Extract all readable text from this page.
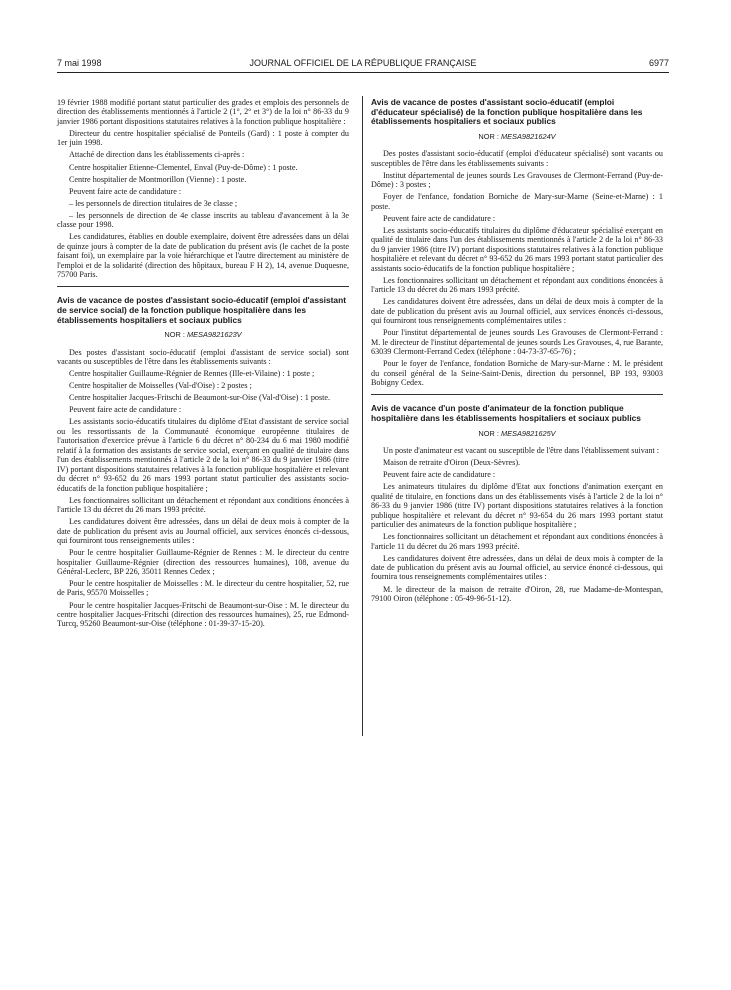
7 mai 1998	JOURNAL OFFICIEL DE LA RÉPUBLIQUE FRANÇAISE	6977

19 février 1988 modifié portant statut particulier des grades et emplois des personnels de direction des établissements mentionnés à l'article 2 (1°, 2° et 3°) de la loi n° 86-33 du 9 janvier 1986 portant dispositions statutaires relatives à la fonction publique hospitalière :

Directeur du centre hospitalier spécialisé de Ponteils (Gard) : 1 poste à compter du 1er juin 1998.

Attaché de direction dans les établissements ci-après :

Centre hospitalier Etienne-Clementel, Enval (Puy-de-Dôme) : 1 poste.

Centre hospitalier de Montmorillon (Vienne) : 1 poste.

Peuvent faire acte de candidature :

– les personnels de direction titulaires de 3e classe ;

– les personnels de direction de 4e classe inscrits au tableau d'avancement à la 3e classe pour 1998.

Les candidatures, établies en double exemplaire, doivent être adressées dans un délai de quinze jours à compter de la date de publication du présent avis (le cachet de la poste faisant foi), un exemplaire par la voie hiérarchique et l'autre directement au ministère de l'emploi et de la solidarité (direction des hôpitaux, bureau F H 2), 14, avenue Duquesne, 75700 Paris.

Avis de vacance de postes d'assistant socio-éducatif (emploi d'assistant de service social) de la fonction publique hospitalière dans les établissements hospitaliers et sociaux publics
NOR : MESA9821623V

Des postes d'assistant socio-éducatif (emploi d'assistant de service social) sont vacants ou susceptibles de l'être dans les établissements suivants :

Centre hospitalier Guillaume-Régnier de Rennes (Ille-et-Vilaine) : 1 poste ;

Centre hospitalier de Moisselles (Val-d'Oise) : 2 postes ;

Centre hospitalier Jacques-Fritschi de Beaumont-sur-Oise (Val-d'Oise) : 1 poste.

Peuvent faire acte de candidature :

Les assistants socio-éducatifs titulaires du diplôme d'Etat d'assistant de service social ou les ressortissants de la Communauté économique européenne titulaires de l'autorisation d'exercice prévue à l'article 6 du décret n° 80-234 du 6 mai 1980 modifié relatif à la formation des assistants de service social, exerçant en qualité de titulaire dans l'un des établissements mentionnés à l'article 2 de la loi n° 86-33 du 9 janvier 1986 (titre IV) portant dispositions statutaires relatives à la fonction publique hospitalière et relevant du décret n° 93-652 du 26 mars 1993 portant statut particulier des assistants socio-éducatifs de la fonction publique hospitalière ;

Les fonctionnaires sollicitant un détachement et répondant aux conditions énoncées à l'article 13 du décret du 26 mars 1993 précité.

Les candidatures doivent être adressées, dans un délai de deux mois à compter de la date de publication du présent avis au Journal officiel, aux services énoncés ci-dessous, qui fourniront tous renseignements utiles :

Pour le centre hospitalier Guillaume-Régnier de Rennes : M. le directeur du centre hospitalier Guillaume-Régnier (direction des ressources humaines), 108, avenue du Général-Leclerc, BP 226, 35011 Rennes Cedex ;

Pour le centre hospitalier de Moisselles : M. le directeur du centre hospitalier, 52, rue de Paris, 95570 Moisselles ;

Pour le centre hospitalier Jacques-Fritschi de Beaumont-sur-Oise : M. le directeur du centre hospitalier Jacques-Fritschi (direction des ressources humaines), 25, rue Edmond-Turcq, 95260 Beaumont-sur-Oise (téléphone : 01-39-37-15-20).

Avis de vacance de postes d'assistant socio-éducatif (emploi d'éducateur spécialisé) de la fonction publique hospitalière dans les établissements hospitaliers et sociaux publics
NOR : MESA9821624V

Des postes d'assistant socio-éducatif (emploi d'éducateur spécialisé) sont vacants ou susceptibles de l'être dans les établissements suivants :

Institut départemental de jeunes sourds Les Gravouses de Clermont-Ferrand (Puy-de-Dôme) : 3 postes ;

Foyer de l'enfance, fondation Borniche de Mary-sur-Marne (Seine-et-Marne) : 1 poste.

Peuvent faire acte de candidature :

Les assistants socio-éducatifs titulaires du diplôme d'éducateur spécialisé exerçant en qualité de titulaire dans l'un des établissements mentionnés à l'article 2 de la loi n° 86-33 du 9 janvier 1986 (titre IV) portant dispositions statutaires relatives à la fonction publique hospitalière et relevant du décret n° 93-652 du 26 mars 1993 portant statut particulier des assistants socio-éducatifs de la fonction publique hospitalière ;

Les fonctionnaires sollicitant un détachement et répondant aux conditions énoncées à l'article 13 du décret du 26 mars 1993 précité.

Les candidatures doivent être adressées, dans un délai de deux mois à compter de la date de publication du présent avis au Journal officiel, aux services énoncés ci-dessous, qui fourniront tous renseignements complémentaires utiles :

Pour l'institut départemental de jeunes sourds Les Gravouses de Clermont-Ferrand : M. le directeur de l'institut départemental de jeunes sourds Les Gravouses, 4, rue Barante, 63039 Clermont-Ferrand Cedex (téléphone : 04-73-37-65-76) ;

Pour le foyer de l'enfance, fondation Borniche de Mary-sur-Marne : M. le président du conseil général de la Seine-Saint-Denis, direction du personnel, BP 193, 93003 Bobigny Cedex.

Avis de vacance d'un poste d'animateur de la fonction publique hospitalière dans les établissements hospitaliers et sociaux publics
NOR : MESA9821625V

Un poste d'animateur est vacant ou susceptible de l'être dans l'établissement suivant :

Maison de retraite d'Oiron (Deux-Sèvres).

Peuvent faire acte de candidature :

Les animateurs titulaires du diplôme d'Etat aux fonctions d'animation exerçant en qualité de titulaire, en fonctions dans un des établissements visés à l'article 2 de la loi n° 86-33 du 9 janvier 1986 (titre IV) portant dispositions statutaires relatives à la fonction publique hospitalière et relevant du décret n° 93-654 du 26 mars 1993 portant statut particulier des animateurs de la fonction publique hospitalière ;

Les fonctionnaires sollicitant un détachement et répondant aux conditions énoncées à l'article 11 du décret du 26 mars 1993 précité.

Les candidatures doivent être adressées, dans un délai de deux mois à compter de la date de publication du présent avis au Journal officiel, au service énoncé ci-dessous, qui fournira tous renseignements complémentaires utiles :

M. le directeur de la maison de retraite d'Oiron, 28, rue Madame-de-Montespan, 79100 Oiron (téléphone : 05-49-96-51-12).
